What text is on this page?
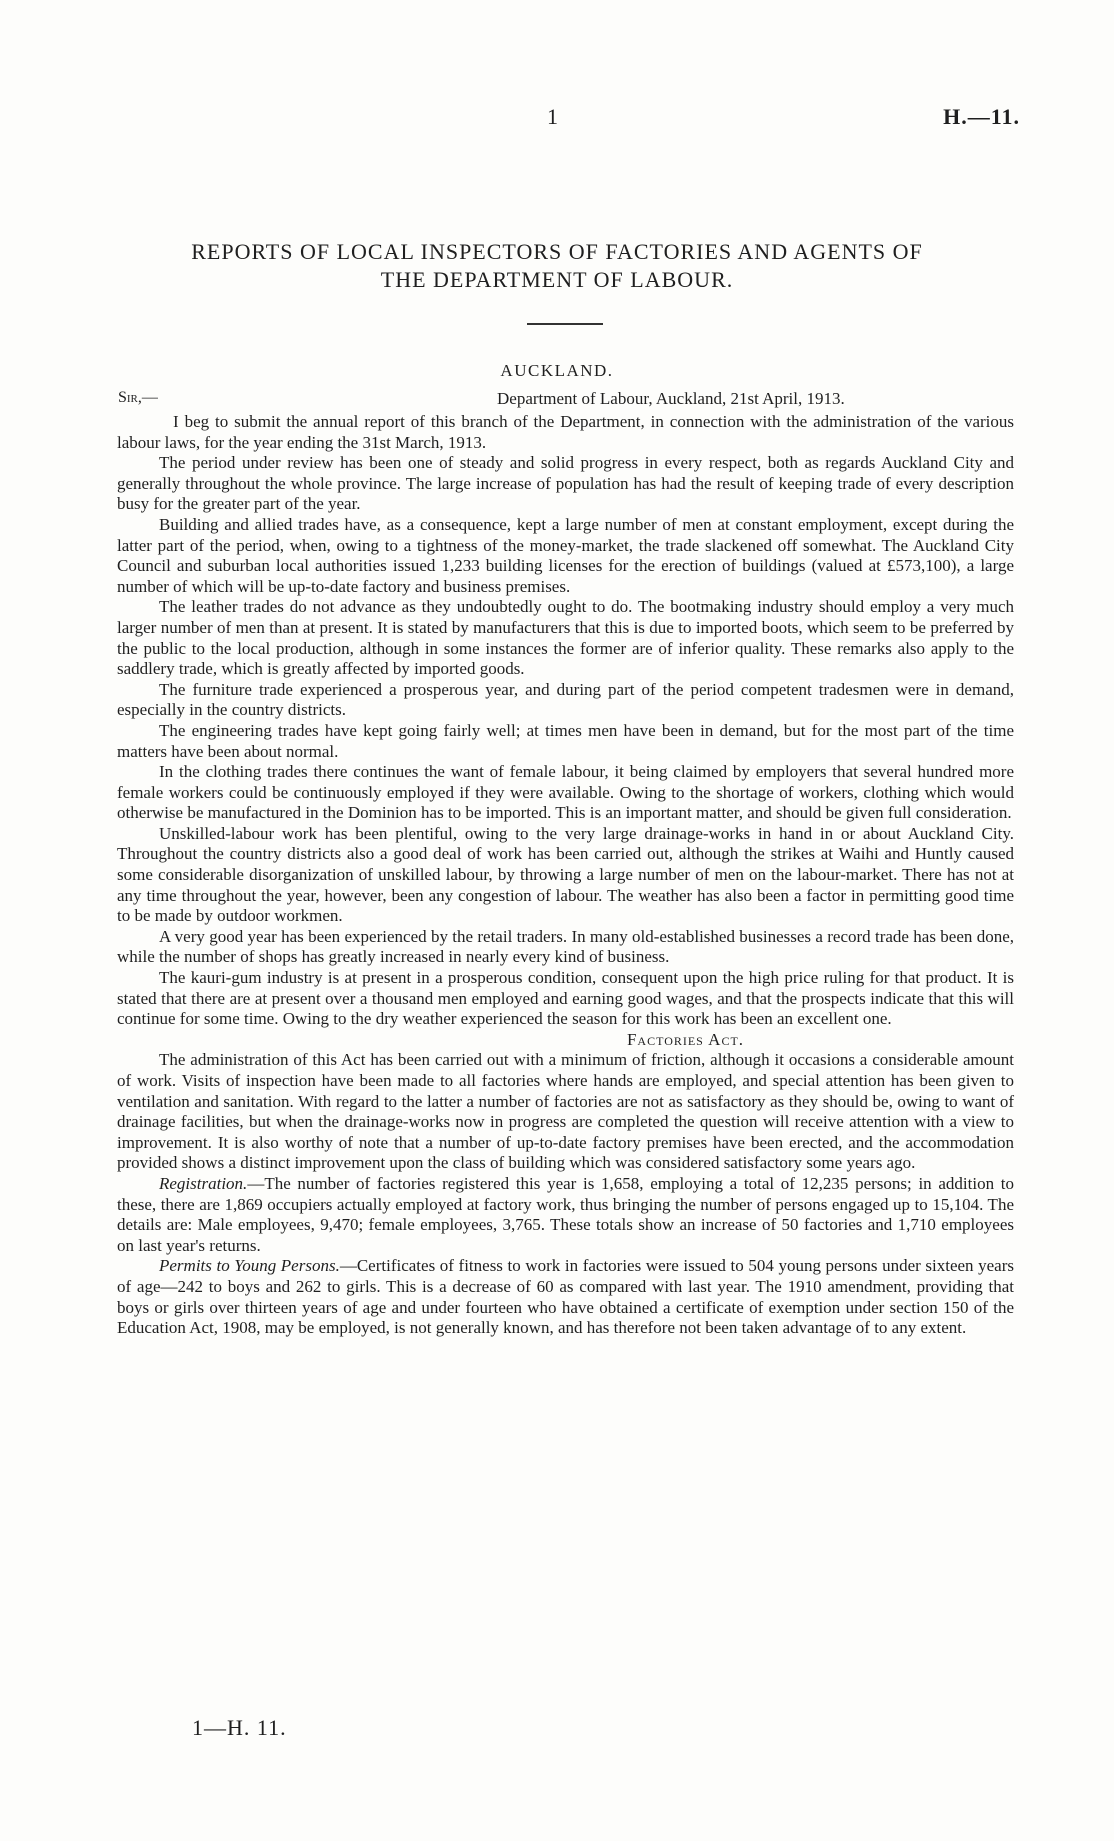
1	H.—11.
REPORTS OF LOCAL INSPECTORS OF FACTORIES AND AGENTS OF
THE DEPARTMENT OF LABOUR.
AUCKLAND.
Sir,—	Department of Labour, Auckland, 21st April, 1913.

I beg to submit the annual report of this branch of the Department, in connection with the administration of the various labour laws, for the year ending the 31st March, 1913.

The period under review has been one of steady and solid progress in every respect, both as regards Auckland City and generally throughout the whole province. The large increase of population has had the result of keeping trade of every description busy for the greater part of the year.

Building and allied trades have, as a consequence, kept a large number of men at constant employment, except during the latter part of the period, when, owing to a tightness of the money-market, the trade slackened off somewhat. The Auckland City Council and suburban local authorities issued 1,233 building licenses for the erection of buildings (valued at £573,100), a large number of which will be up-to-date factory and business premises.

The leather trades do not advance as they undoubtedly ought to do. The bootmaking industry should employ a very much larger number of men than at present. It is stated by manufacturers that this is due to imported boots, which seem to be preferred by the public to the local production, although in some instances the former are of inferior quality. These remarks also apply to the saddlery trade, which is greatly affected by imported goods.

The furniture trade experienced a prosperous year, and during part of the period competent tradesmen were in demand, especially in the country districts.

The engineering trades have kept going fairly well; at times men have been in demand, but for the most part of the time matters have been about normal.

In the clothing trades there continues the want of female labour, it being claimed by employers that several hundred more female workers could be continuously employed if they were available. Owing to the shortage of workers, clothing which would otherwise be manufactured in the Dominion has to be imported. This is an important matter, and should be given full consideration.

Unskilled-labour work has been plentiful, owing to the very large drainage-works in hand in or about Auckland City. Throughout the country districts also a good deal of work has been carried out, although the strikes at Waihi and Huntly caused some considerable disorganization of unskilled labour, by throwing a large number of men on the labour-market. There has not at any time throughout the year, however, been any congestion of labour. The weather has also been a factor in permitting good time to be made by outdoor workmen.

A very good year has been experienced by the retail traders. In many old-established businesses a record trade has been done, while the number of shops has greatly increased in nearly every kind of business.

The kauri-gum industry is at present in a prosperous condition, consequent upon the high price ruling for that product. It is stated that there are at present over a thousand men employed and earning good wages, and that the prospects indicate that this will continue for some time. Owing to the dry weather experienced the season for this work has been an excellent one.

Factories Act.

The administration of this Act has been carried out with a minimum of friction, although it occasions a considerable amount of work. Visits of inspection have been made to all factories where hands are employed, and special attention has been given to ventilation and sanitation. With regard to the latter a number of factories are not as satisfactory as they should be, owing to want of drainage facilities, but when the drainage-works now in progress are completed the question will receive attention with a view to improvement. It is also worthy of note that a number of up-to-date factory premises have been erected, and the accommodation provided shows a distinct improvement upon the class of building which was considered satisfactory some years ago.

Registration.—The number of factories registered this year is 1,658, employing a total of 12,235 persons; in addition to these, there are 1,869 occupiers actually employed at factory work, thus bringing the number of persons engaged up to 15,104. The details are: Male employees, 9,470; female employees, 3,765. These totals show an increase of 50 factories and 1,710 employees on last year's returns.

Permits to Young Persons.—Certificates of fitness to work in factories were issued to 504 young persons under sixteen years of age—242 to boys and 262 to girls. This is a decrease of 60 as compared with last year. The 1910 amendment, providing that boys or girls over thirteen years of age and under fourteen who have obtained a certificate of exemption under section 150 of the Education Act, 1908, may be employed, is not generally known, and has therefore not been taken advantage of to any extent.

1—H. 11.
